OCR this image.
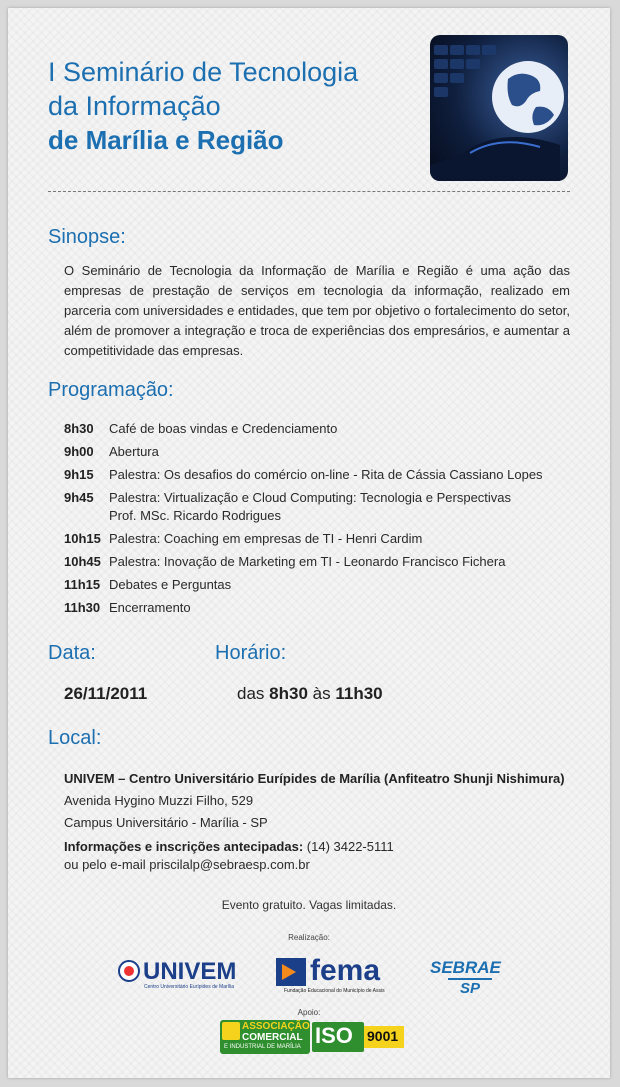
I Seminário de Tecnologia
da Informação
de Marília e Região
Sinopse:
O Seminário de Tecnologia da Informação de Marília e Região é uma ação das empresas de prestação de serviços em tecnologia da informação, realizado em parceria com universidades e entidades, que tem por objetivo o fortalecimento do setor, além de promover a integração e troca de experiências dos empresários, e aumentar a competitividade das empresas.
Programação:
8h30	Café de boas vindas e Credenciamento
9h00	Abertura
9h15	Palestra: Os desafios do comércio on-line - Rita de Cássia Cassiano Lopes
9h45	Palestra: Virtualização e Cloud Computing: Tecnologia e Perspectivas
Prof. MSc. Ricardo Rodrigues
10h15 Palestra: Coaching em empresas de TI - Henri Cardim
10h45 Palestra: Inovação de Marketing em TI - Leonardo Francisco Fichera
11h15 Debates e Perguntas
11h30 Encerramento
Data:	Horário:
26/11/2011	das 8h30 às 11h30
Local:
UNIVEM – Centro Universitário Eurípides de Marília (Anfiteatro Shunji Nishimura)
Avenida Hygino Muzzi Filho, 529
Campus Universitário - Marília - SP
Informações e inscrições antecipadas: (14) 3422-5111
ou pelo e-mail priscilalp@sebraesp.com.br
Evento gratuito. Vagas limitadas.
Realização:
UNIVEM
Centro Universitário Eurípides de Marília	fema
Fundação Educacional do Município de Assis
SEBRAE
SP
Apoio:
ASSOCIAÇÃO
COMERCIAL
E INDUSTRIAL DE MARÍLIA ISO 9001
